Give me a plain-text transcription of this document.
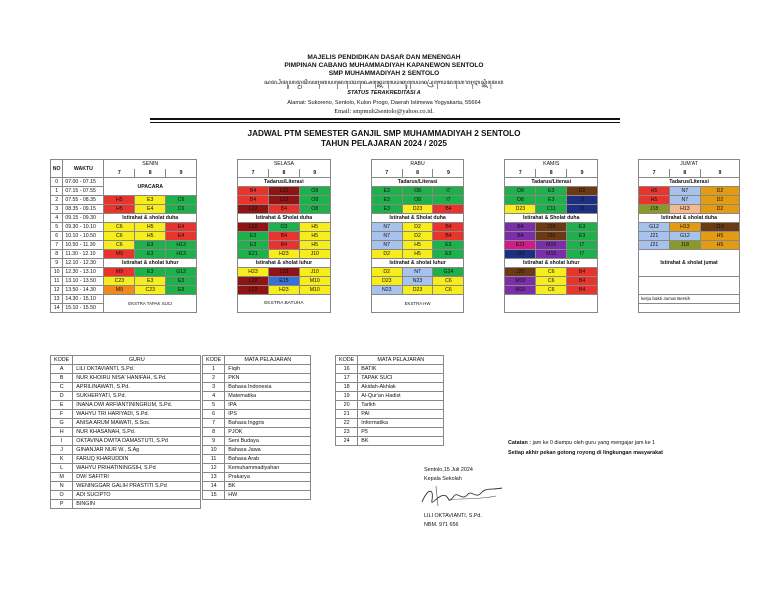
MAJELIS PENDIDIKAN DASAR DAN MENENGAH
PIMPINAN CABANG MUHAMMADIYAH KAPANEWON SENTOLO
SMP MUHAMMADIYAH 2 SENTOLO
ꦱꦩ꧀ꦥꦶꦩꦸꦲꦩ꧀ꦩꦢꦶꦪꦃꦏꦥꦤꦺꦮꦺꦴꦤ꧀ꦱꦺꦤ꧀ꦠꦺꦴꦭꦺꦴꦏꦸꦭꦺꦴꦤ꧀ꦥꦿꦒꦺꦴꦢꦲꦺꦫꦃꦆꦱ꧀ꦠꦶꦩꦺꦮ
STATUS TERAKREDITASI A
Alamat: Sukoreno, Sentolo, Kulon Progo, Daerah Istimewa Yogyakarta, 55664
Email: smpmuh2sentolo@yahoo.co.id.
JADWAL PTM SEMESTER GANJIL SMP MUHAMMADIYAH 2 SENTOLO
TAHUN PELAJARAN 2024 / 2025
NO	WAKTU	SENIN				SELASA				RABU				KAMIS				JUM'AT		
		7	8	9		7	8	9		7	8	9		7	8	9		7	8	9
0	07.00 - 07.15	UPACARA				Tadarus/Literasi				Tadarus/Literasi				Tadarus/Literasi				Tadarus/Literasi		
1	07.15 - 07.55					B4	L22	O8		E3	O8	I7		O8	E3	D2		H5	N7	D2
2	07.55 - 08.35	H5	E3	C6		B4	L22	O8		E3	O8	I7		O8	E3	J1		H5	N7	D2
3	08.35 - 09.15	H5	E4	C6		L22	B4	O8		E3	D23	B4		D23	C11	J1		J18	H13	D2
4	09.15 - 09.30	Istirahat & sholat duha				Istirahat & Sholat duha				Istirahat & Sholat duha				Istirahat & Sholat duha				Istirahat & sholat duha		
5	09.30 - 10.10	C6	H5	E4		L22	O3	H5		N7	D2	B4		B4	J19	E3		G12	H13	J18
6	10.10 - 10.50	C6	H5	E4		E3	B4	H5		N7	D2	B4		B4	J20	E3		J21	G12	H5
7	10.50 - 11.30	C6	E3	H13		E3	B4	H5		N7	H5	E3		E21	M10	I7		J21	J18	H5
8	11.30 - 12.10	M9	E3	H13		E21	H23	J10		D2	H5	E3		J19	M10	I7		Istirahat & sholat jumat		
9	12.10 - 12.30	Istirahat & sholat luhur				Istirahat & sholat luhur				Istirahat & sholat luhur				Istirahat & sholat luhur						
10	12.30 - 13.10	M9	E3	G12		H23	L23	J10		D2	N7	G24		J20	C6	B4				
11	13.10 - 13.50	C23	E3	E3		L23	E15	M10		D23	N23	C6		M10	C6	B4				
12	13.50 - 14.30	M9	C23	E8		L23	H23	M10		N23	D23	C6		M10	C6	B4				
13	14.30 - 15.10	EKSTRA TAPAK SUCI				EKSTRA BATUHA				EKSTRA HW								kerja bakti Jumat Bersih		
14	15.10 - 15.50																			
KODE	GURU
A	LILI OKTAVIANTI, S.Pd.
B	NUR KHOIRU NISA' HANIFAH, S.Pd.
C	APRILINAWATI, S.Pd.
D	SUKHERYATI, S.Pd.
E	INANA DWI ARFIANTININGRUM, S.Pd.
F	WAHYU TRI HARIYADI, S.Pd.
G	ANISA ARUM MAWATI, S.Sos.
H	NUR KHASANAH, S.Pd.
I	OKTAVINA DWITA DAMASTUTI, S.Pd
J	GINANJAR NUR W., S.Ag
K	FARUQ KHARUDDIN
L	WAHYU PRIHATININGSIH, S.Pd
M	DWI SAFITRI
N	WENINGGAR GALIH PRASTITI S.Pd
O	ADI SUCIPTO
P	BINGIN
KODE	MATA PELAJARAN
1	Fiqih
2	PKN
3	Bahasa Indonesia
4	Matematika
5	IPA
6	IPS
7	Bahasa Inggris
8	PJOK
9	Seni Budaya
10	Bahasa Jawa
11	Bahasa Arab
12	Kemuhammadiyahan
13	Prakarya
14	BK
15	HW
KODE	MATA PELAJARAN
16	BATIK
17	TAPAK SUCI
18	Akidah-Akhlak
19	Al-Qur'an Hadist
20	Tarikh
21	PAI
22	Informatika
23	P5
24	BK	Catatan : jam ke 0 diampu oleh guru yang mengajar jam ke 1
Setiap akhir pekan gotong royong di lingkungan masyarakat
Sentolo,15 Juli 2024
Kepala Sekolah
LILI OKTAVIANTI, S.Pd.
NBM. 971 656
